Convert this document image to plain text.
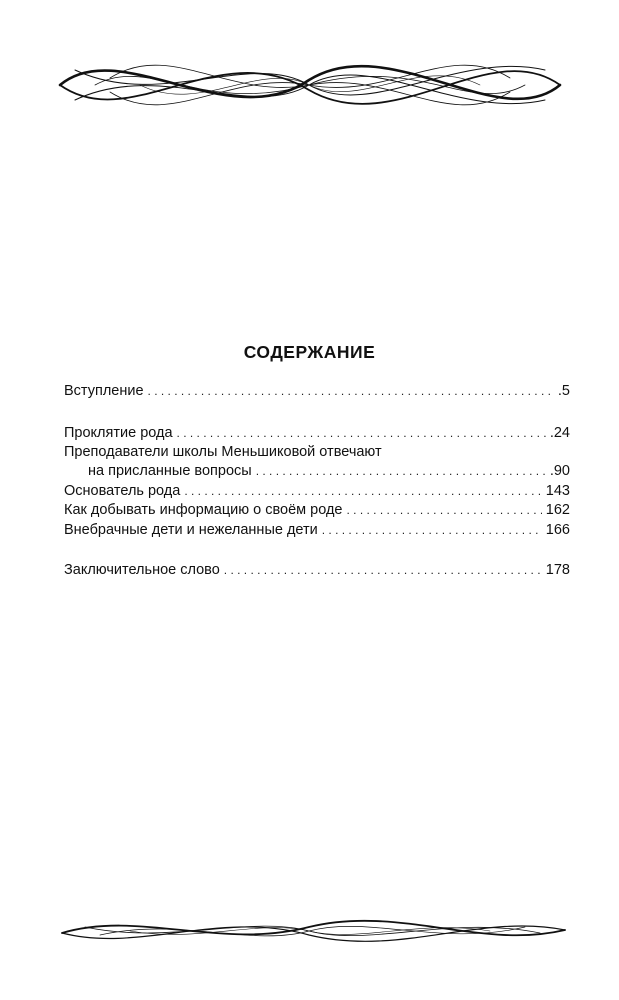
СОДЕРЖАНИЕ
Вступление . . .	.5
Проклятие рода . . .	.24
Преподаватели школы Меньшиковой отвечают
на присланные вопросы . . .	.90
Основатель рода . . .	143
Как добывать информацию о своём роде . . .	162
Внебрачные дети и нежеланные дети . . .	166
Заключительное слово . . .	178
